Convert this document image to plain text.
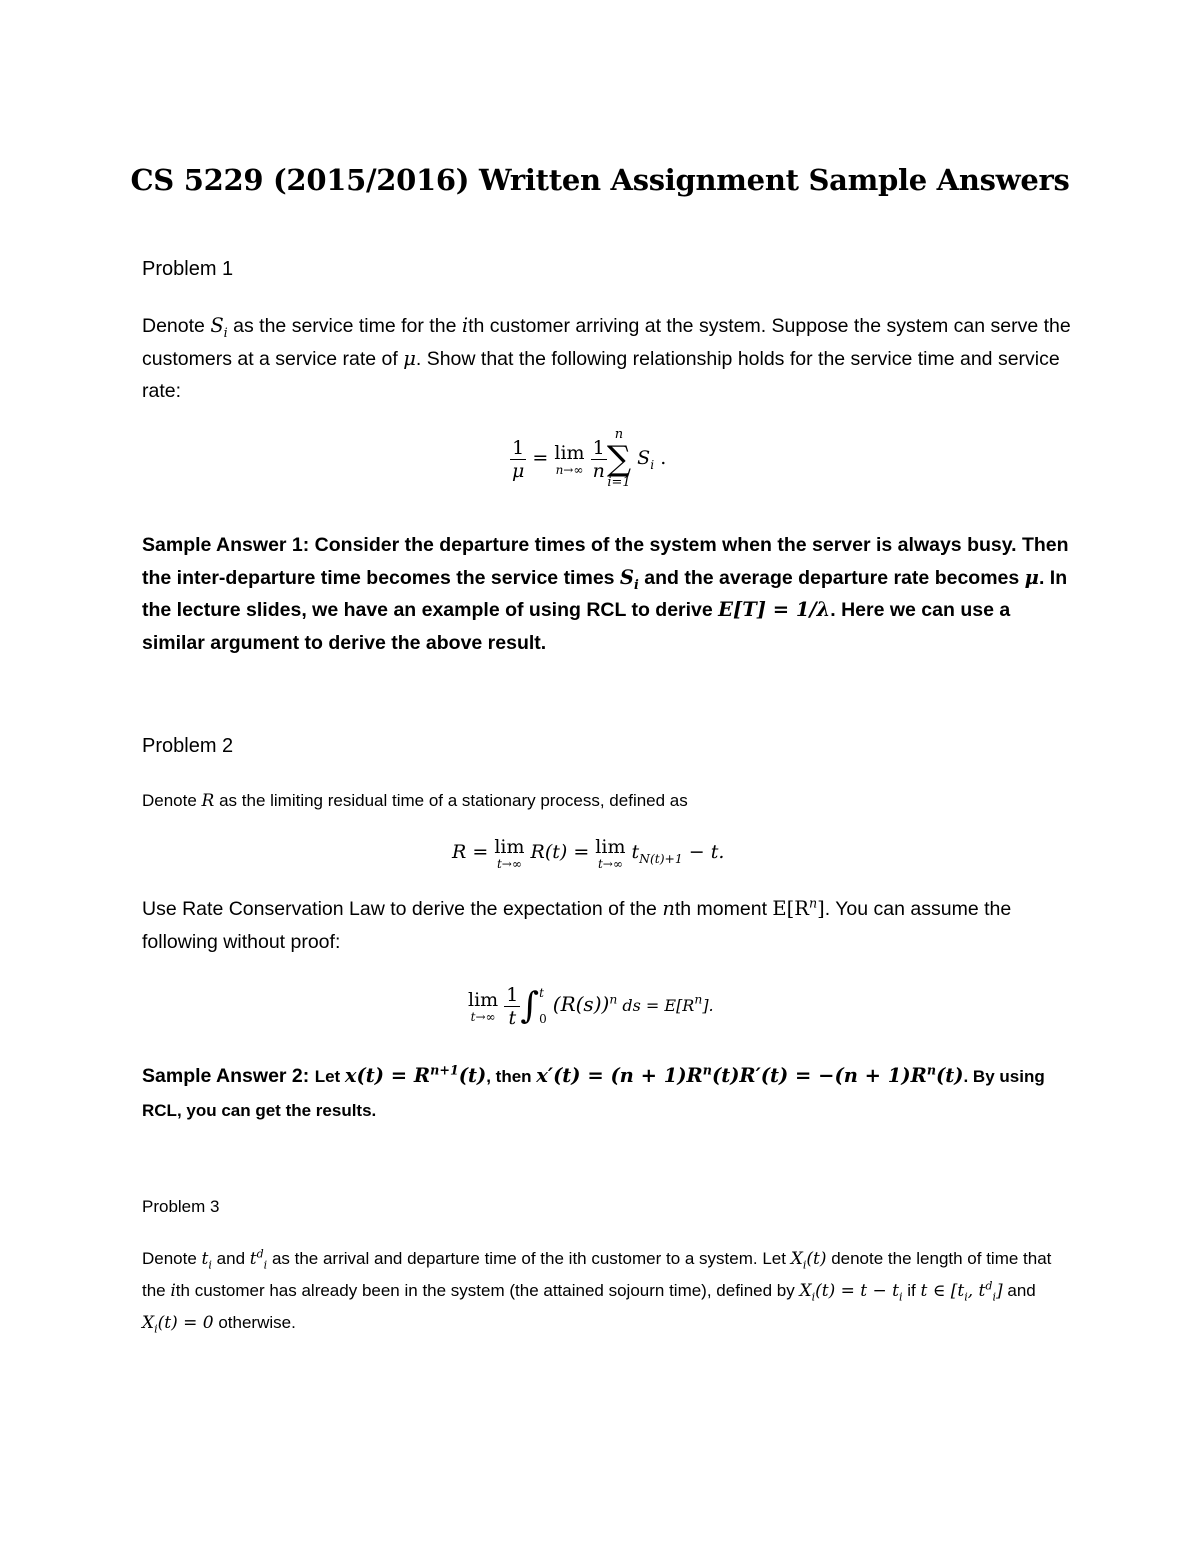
CS 5229 (2015/2016) Written Assignment Sample Answers
Problem 1
Denote $S_i$ as the service time for the ith customer arriving at the system. Suppose the system can serve the customers at a service rate of μ. Show that the following relationship holds for the service time and service rate:
$\frac{1}{\mu} = \lim$
n→∞
$\frac{1}{n}$
n
∑
i=1
$S_i$ .
Sample Answer 1: Consider the departure times of the system when the server is always busy. Then the inter-departure time becomes the service times $S_i$ and the average departure rate becomes μ. In the lecture slides, we have an example of using RCL to derive E[T] = 1/λ. Here we can use a similar argument to derive the above result.
Problem 2
Denote R as the limiting residual time of a stationary process, defined as
R = lim
t→∞
R(t) = lim
t→∞
$t_{N(t)+1} - t$.
Use Rate Conservation Law to derive the expectation of the nth moment $E[R^n]$. You can assume the following without proof:
lim
t→∞
$\frac{1}{t}$ ∫ t
0
$(R(s))^n$ ds = $E[R^n]$.
Sample Answer 2: Let $x(t) = R^{n+1}(t)$, then $x'(t) = (n + 1)R^n(t)R'(t) = -(n + 1)R^n(t)$. By using RCL, you can get the results.
Problem 3
Denote $t_i$ and $t^d_i$ as the arrival and departure time of the ith customer to a system. Let $X_i(t)$ denote the length of time that the ith customer has already been in the system (the attained sojourn time), defined by $X_i(t) = t - t_i$ if t ∈ [$t_i$, $t^d_i$] and $X_i(t) = 0$ otherwise.
